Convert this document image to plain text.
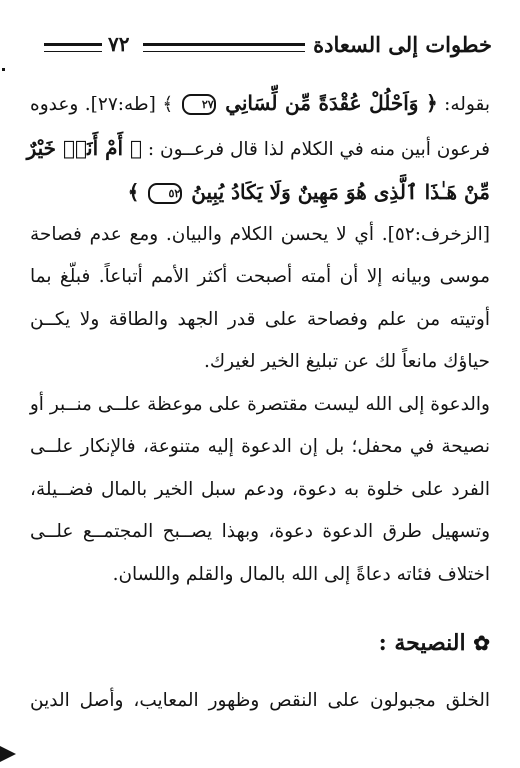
خطوات إلى السعادة
٧٢
بقوله: ﴿ وَاَحْلُلْ عُقْدَةً مِّن لِّسَانِي ٢٧ ﴾ [طه:٢٧]. وعدوه
فرعون أبين منه في الكلام لذا قال فرعــون : ﴿ أَمْ أَنَا۠ خَيْرٌ
مِّنْ هَـٰذَا ٱلَّذِى هُوَ مَهِينٌ وَلَا يَكَادُ يُبِينُ ٥٢ ﴾
[الزخرف:٥٢]. أي لا يحسن الكلام والبيان. ومع عدم فصاحة
موسى وبيانه إلا أن أمته أصبحت أكثر الأمم أتباعاً. فبلّغ بما
أوتيته من علم وفصاحة على قدر الجهد والطاقة ولا يكــن
حياؤك مانعاً لك عن تبليغ الخير لغيرك.
والدعوة إلى الله ليست مقتصرة على موعظة علــى منــبر أو
نصيحة في محفل؛ بل إن الدعوة إليه متنوعة، فالإنكار علــى
الفرد على خلوة به دعوة، ودعم سبل الخير بالمال فضــيلة،
وتسهيل طرق الدعوة دعوة، وبهذا يصــبح المجتمــع علــى
اختلاف فئاته دعاةً إلى الله بالمال والقلم واللسان.
✿ النصيحة :
الخلق مجبولون على النقص وظهور المعايب، وأصل الدين
